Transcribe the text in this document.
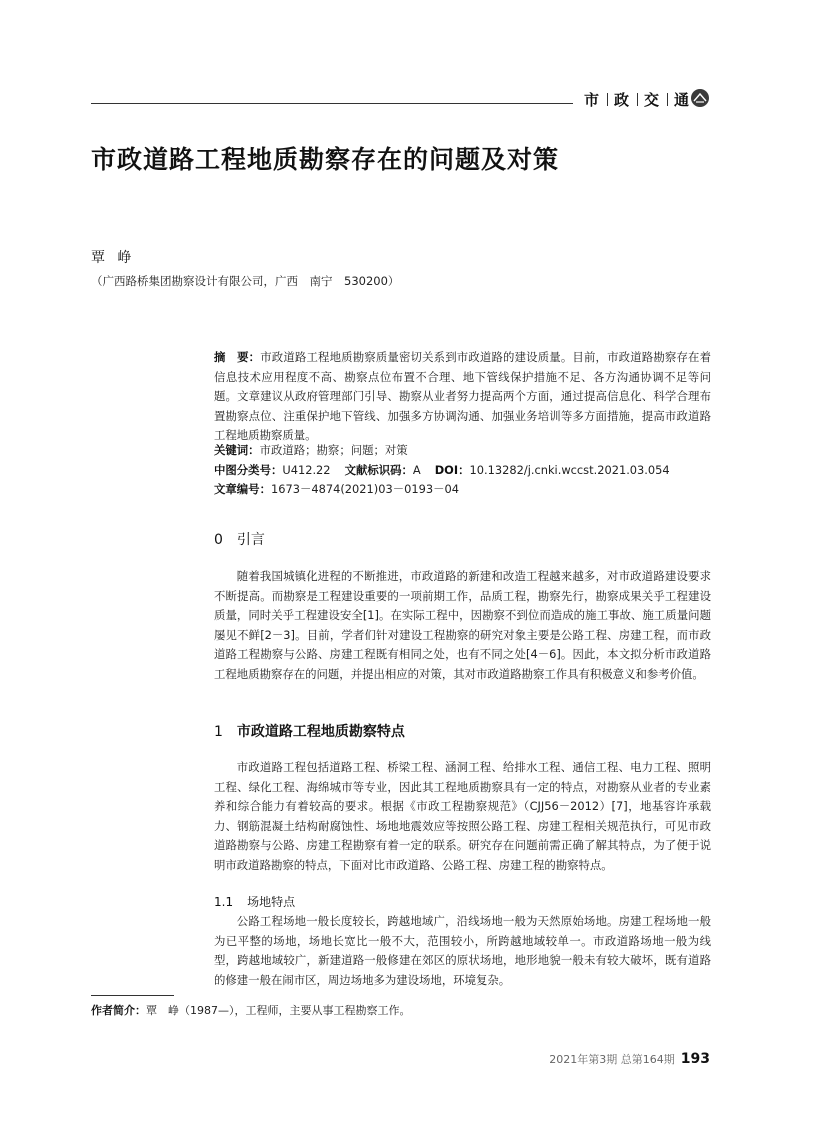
市 政 交 通
市政道路工程地质勘察存在的问题及对策
覃 峥
（广西路桥集团勘察设计有限公司，广西　南宁　530200）

摘　要：市政道路工程地质勘察质量密切关系到市政道路的建设质量。目前，市政道路勘察存在着信息技术应用程度不高、勘察点位布置不合理、地下管线保护措施不足、各方沟通协调不足等问题。文章建议从政府管理部门引导、勘察从业者努力提高两个方面，通过提高信息化、科学合理布置勘察点位、注重保护地下管线、加强多方协调沟通、加强业务培训等多方面措施，提高市政道路工程地质勘察质量。

关键词：市政道路；勘察；问题；对策
中图分类号：U412.22 文献标识码：A DOI：10.13282/j.cnki.wccst.2021.03.054
文章编号：1673－4874(2021)03－0193－04
0 引言

随着我国城镇化进程的不断推进，市政道路的新建和改造工程越来越多，对市政道路建设要求不断提高。而勘察是工程建设重要的一项前期工作，品质工程，勘察先行，勘察成果关乎工程建设质量，同时关乎工程建设安全[1]。在实际工程中，因勘察不到位而造成的施工事故、施工质量问题屡见不鲜[2－3]。目前，学者们针对建设工程勘察的研究对象主要是公路工程、房建工程，而市政道路工程勘察与公路、房建工程既有相同之处，也有不同之处[4－6]。因此，本文拟分析市政道路工程地质勘察存在的问题，并提出相应的对策，其对市政道路勘察工作具有积极意义和参考价值。

1 市政道路工程地质勘察特点

市政道路工程包括道路工程、桥梁工程、涵洞工程、给排水工程、通信工程、电力工程、照明工程、绿化工程、海绵城市等专业，因此其工程地质勘察具有一定的特点，对勘察从业者的专业素养和综合能力有着较高的要求。根据《市政工程勘察规范》（CJJ56－2012）[7]，地基容许承载力、钢筋混凝土结构耐腐蚀性、场地地震效应等按照公路工程、房建工程相关规范执行，可见市政道路勘察与公路、房建工程勘察有着一定的联系。研究存在问题前需正确了解其特点，为了便于说明市政道路勘察的特点，下面对比市政道路、公路工程、房建工程的勘察特点。

1.1 场地特点

公路工程场地一般长度较长，跨越地域广，沿线场地一般为天然原始场地。房建工程场地一般为已平整的场地，场地长宽比一般不大，范围较小，所跨越地域较单一。市政道路场地一般为线型，跨越地域较广，新建道路一般修建在郊区的原状场地，地形地貌一般未有较大破坏，既有道路的修建一般在闹市区，周边场地多为建设场地，环境复杂。

作者简介：覃　峥（1987—），工程师，主要从事工程勘察工作。
2021年第3期 总第164期 193
